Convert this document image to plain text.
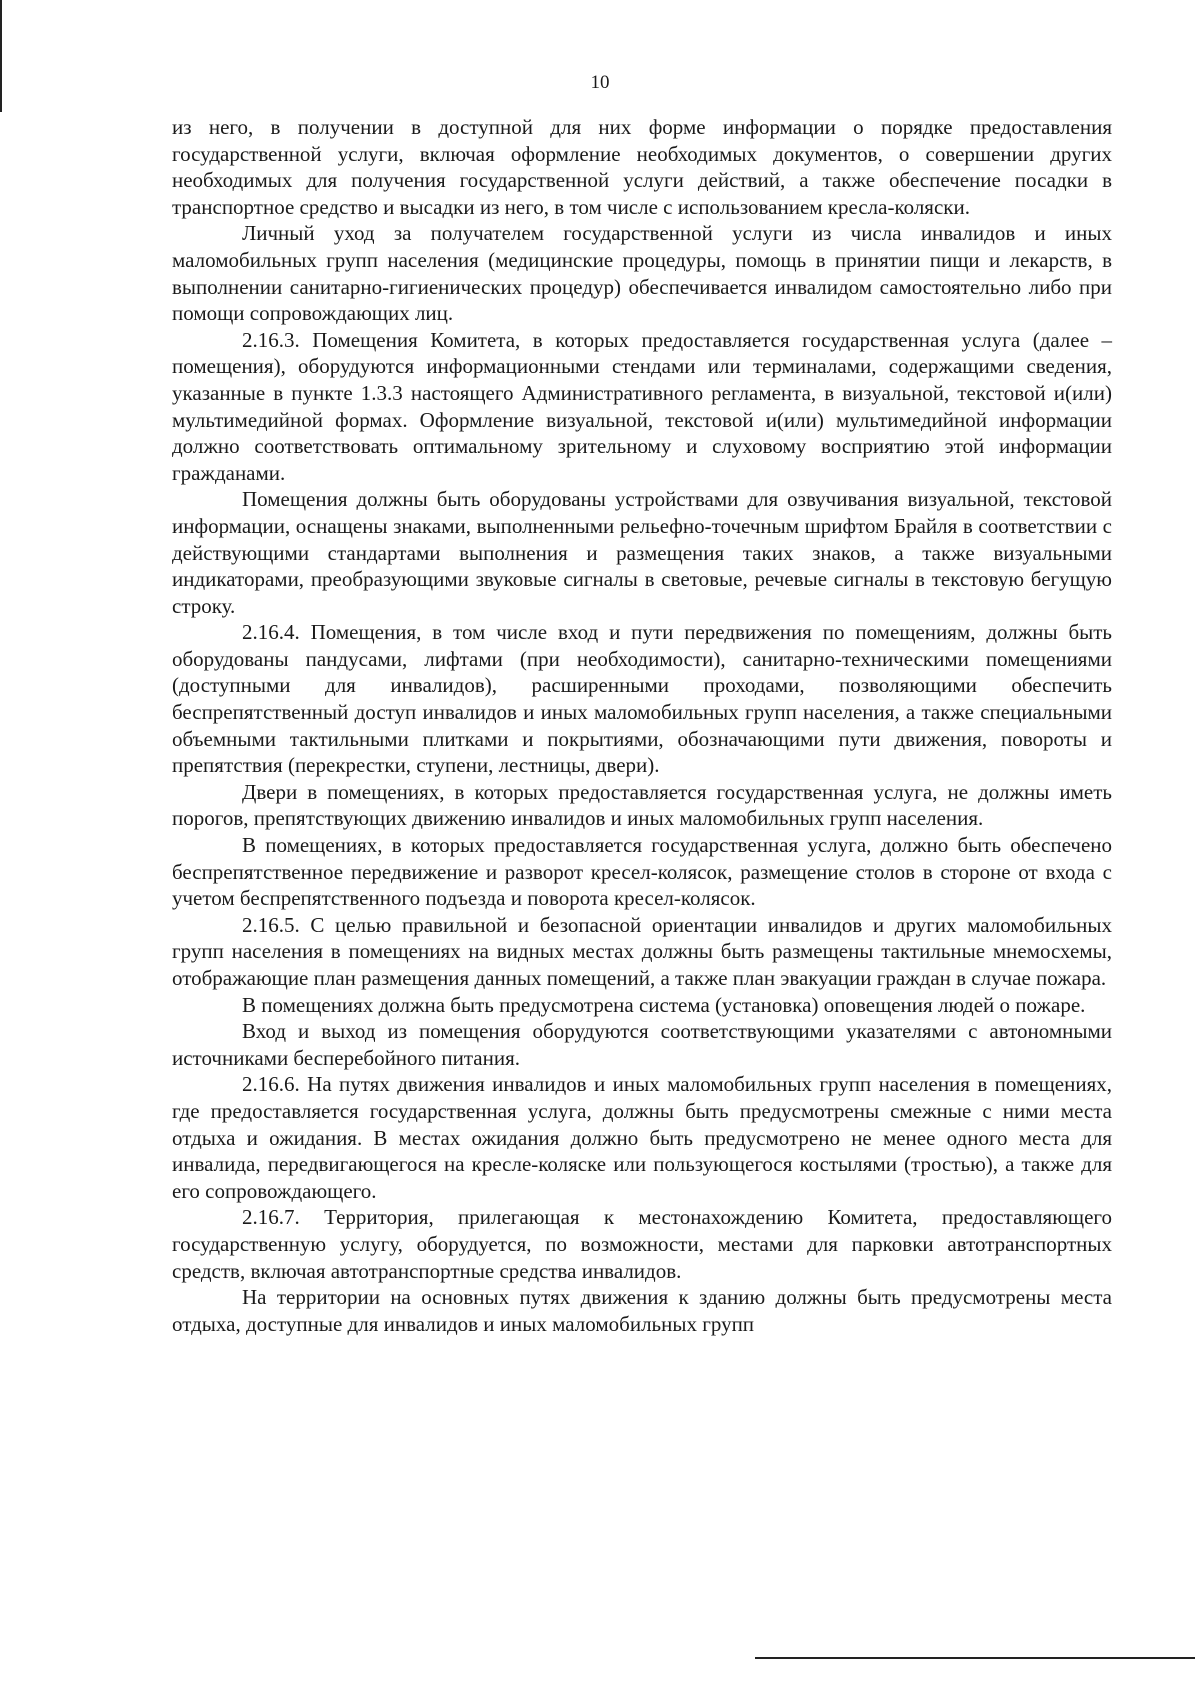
10

из него, в получении в доступной для них форме информации о порядке предоставления государственной услуги, включая оформление необходимых документов, о совершении других необходимых для получения государственной услуги действий, а также обеспечение посадки в транспортное средство и высадки из него, в том числе с использованием кресла-коляски.

Личный уход за получателем государственной услуги из числа инвалидов и иных маломобильных групп населения (медицинские процедуры, помощь в принятии пищи и лекарств, в выполнении санитарно-гигиенических процедур) обеспечивается инвалидом самостоятельно либо при помощи сопровождающих лиц.

2.16.3. Помещения Комитета, в которых предоставляется государственная услуга (далее – помещения), оборудуются информационными стендами или терминалами, содержащими сведения, указанные в пункте 1.3.3 настоящего Административного регламента, в визуальной, текстовой и(или) мультимедийной формах. Оформление визуальной, текстовой и(или) мультимедийной информации должно соответствовать оптимальному зрительному и слуховому восприятию этой информации гражданами.

Помещения должны быть оборудованы устройствами для озвучивания визуальной, текстовой информации, оснащены знаками, выполненными рельефно-точечным шрифтом Брайля в соответствии с действующими стандартами выполнения и размещения таких знаков, а также визуальными индикаторами, преобразующими звуковые сигналы в световые, речевые сигналы в текстовую бегущую строку.

2.16.4. Помещения, в том числе вход и пути передвижения по помещениям, должны быть оборудованы пандусами, лифтами (при необходимости), санитарно-техническими помещениями (доступными для инвалидов), расширенными проходами, позволяющими обеспечить беспрепятственный доступ инвалидов и иных маломобильных групп населения, а также специальными объемными тактильными плитками и покрытиями, обозначающими пути движения, повороты и препятствия (перекрестки, ступени, лестницы, двери).

Двери в помещениях, в которых предоставляется государственная услуга, не должны иметь порогов, препятствующих движению инвалидов и иных маломобильных групп населения.

В помещениях, в которых предоставляется государственная услуга, должно быть обеспечено беспрепятственное передвижение и разворот кресел-колясок, размещение столов в стороне от входа с учетом беспрепятственного подъезда и поворота кресел-колясок.

2.16.5. С целью правильной и безопасной ориентации инвалидов и других маломобильных групп населения в помещениях на видных местах должны быть размещены тактильные мнемосхемы, отображающие план размещения данных помещений, а также план эвакуации граждан в случае пожара.

В помещениях должна быть предусмотрена система (установка) оповещения людей о пожаре.

Вход и выход из помещения оборудуются соответствующими указателями с автономными источниками бесперебойного питания.

2.16.6. На путях движения инвалидов и иных маломобильных групп населения в помещениях, где предоставляется государственная услуга, должны быть предусмотрены смежные с ними места отдыха и ожидания. В местах ожидания должно быть предусмотрено не менее одного места для инвалида, передвигающегося на кресле-коляске или пользующегося костылями (тростью), а также для его сопровождающего.

2.16.7. Территория, прилегающая к местонахождению Комитета, предоставляющего государственную услугу, оборудуется, по возможности, местами для парковки автотранспортных средств, включая автотранспортные средства инвалидов.

На территории на основных путях движения к зданию должны быть предусмотрены места отдыха, доступные для инвалидов и иных маломобильных групп
